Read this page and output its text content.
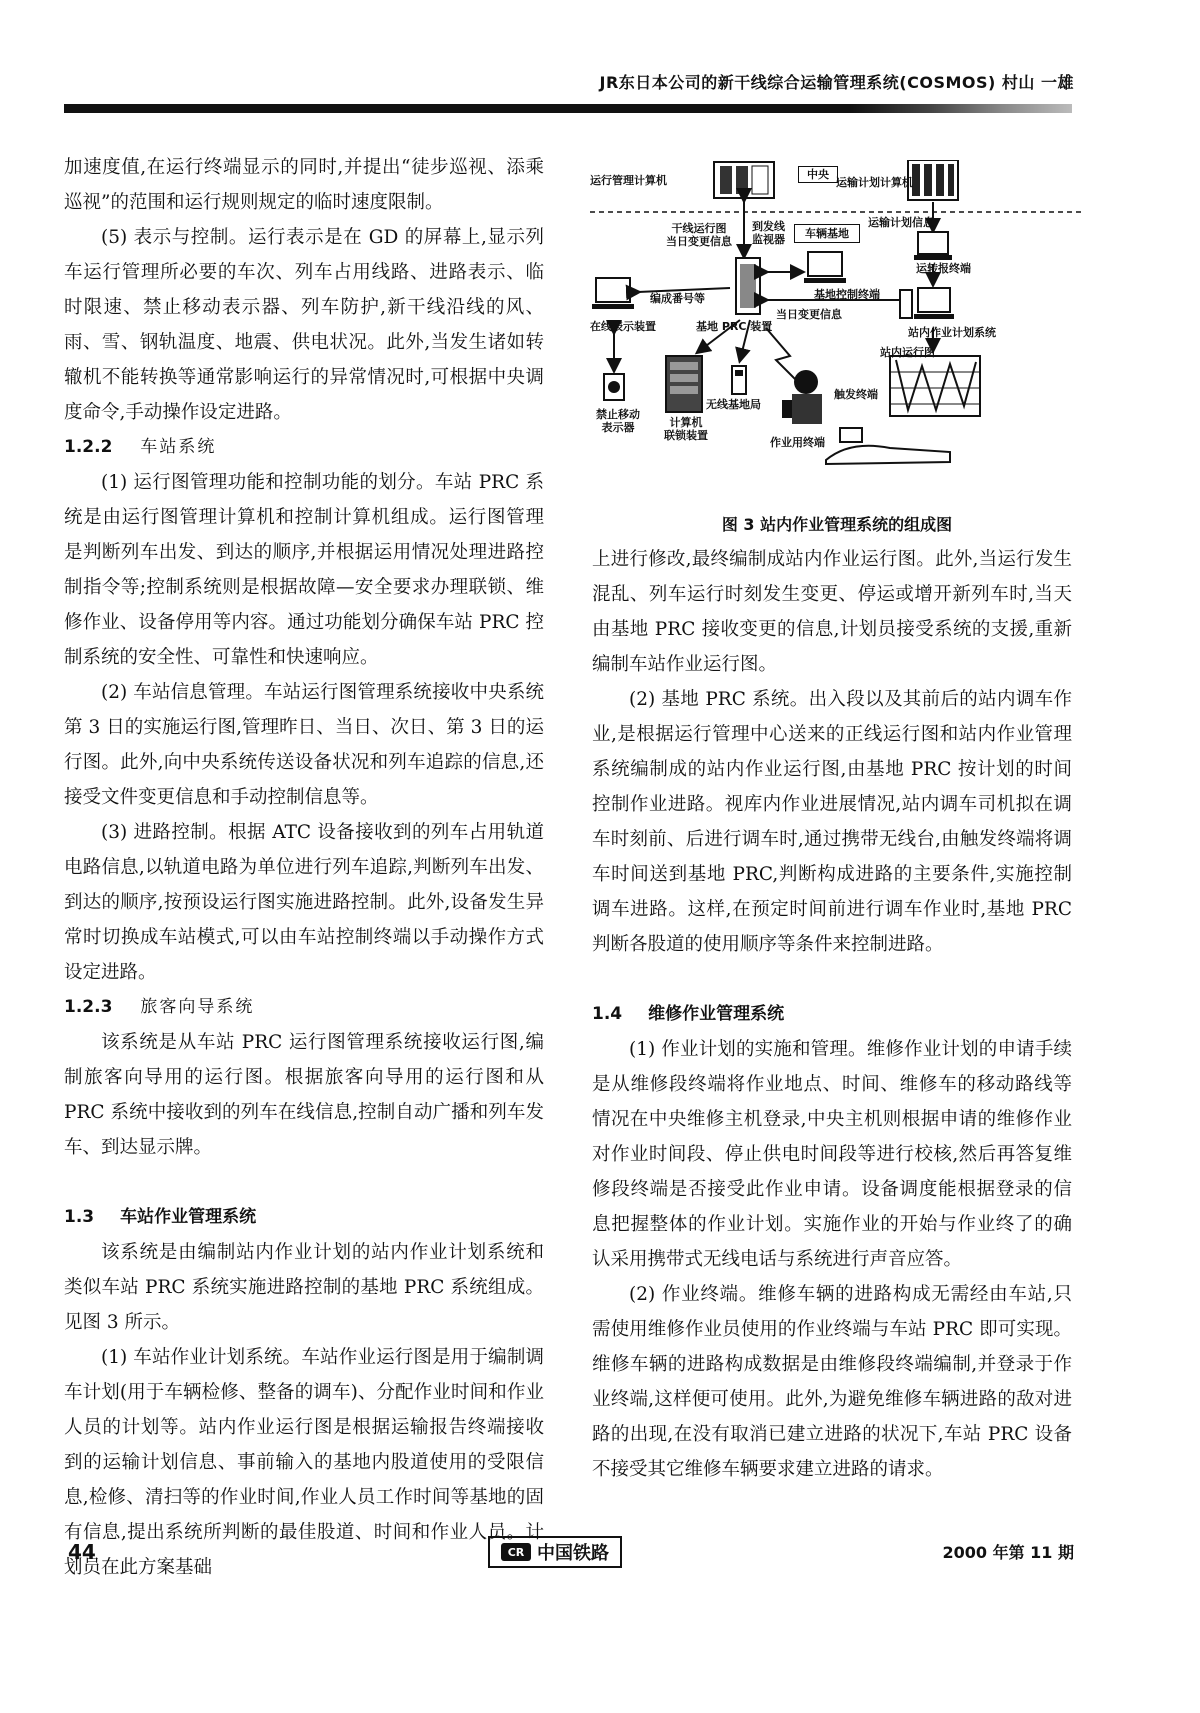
JR东日本公司的新干线综合运输管理系统(COSMOS) 村山 一雄

加速度值,在运行终端显示的同时,并提出“徒步巡视、添乘巡视”的范围和运行规则规定的临时速度限制。

(5) 表示与控制。运行表示是在 GD 的屏幕上,显示列车运行管理所必要的车次、列车占用线路、进路表示、临时限速、禁止移动表示器、列车防护,新干线沿线的风、雨、雪、钢轨温度、地震、供电状况。此外,当发生诸如转辙机不能转换等通常影响运行的异常情况时,可根据中央调度命令,手动操作设定进路。

1.2.2 车站系统

(1) 运行图管理功能和控制功能的划分。车站 PRC 系统是由运行图管理计算机和控制计算机组成。运行图管理是判断列车出发、到达的顺序,并根据运用情况处理进路控制指令等;控制系统则是根据故障—安全要求办理联锁、维修作业、设备停用等内容。通过功能划分确保车站 PRC 控制系统的安全性、可靠性和快速响应。

(2) 车站信息管理。车站运行图管理系统接收中央系统第 3 日的实施运行图,管理昨日、当日、次日、第 3 日的运行图。此外,向中央系统传送设备状况和列车追踪的信息,还接受文件变更信息和手动控制信息等。

(3) 进路控制。根据 ATC 设备接收到的列车占用轨道电路信息,以轨道电路为单位进行列车追踪,判断列车出发、到达的顺序,按预设运行图实施进路控制。此外,设备发生异常时切换成车站模式,可以由车站控制终端以手动操作方式设定进路。

1.2.3 旅客向导系统

该系统是从车站 PRC 运行图管理系统接收运行图,编制旅客向导用的运行图。根据旅客向导用的运行图和从 PRC 系统中接收到的列车在线信息,控制自动广播和列车发车、到达显示牌。

1.3 车站作业管理系统

该系统是由编制站内作业计划的站内作业计划系统和类似车站 PRC 系统实施进路控制的基地 PRC 系统组成。见图 3 所示。

(1) 车站作业计划系统。车站作业运行图是用于编制调车计划(用于车辆检修、整备的调车)、分配作业时间和作业人员的计划等。站内作业运行图是根据运输报告终端接收到的运输计划信息、事前输入的基地内股道使用的受限信息,检修、清扫等的作业时间,作业人员工作时间等基地的固有信息,提出系统所判断的最佳股道、时间和作业人员。计划员在此方案基础

运行管理计算机	中央
运输计划计算机
干线运行图
当日变更信息
到发线
监视器	车辆基地
运输计划信息
运转报终端
编成番号等	基地控制终端
当日变更信息
在线表示装置	基地 PRC 装置	站内作业计划系统
站内运行图
触发终端
禁止移动
表示器	计算机
联锁装置
无线基地局
作业用终端
图 3 站内作业管理系统的组成图

上进行修改,最终编制成站内作业运行图。此外,当运行发生混乱、列车运行时刻发生变更、停运或增开新列车时,当天由基地 PRC 接收变更的信息,计划员接受系统的支援,重新编制车站作业运行图。

(2) 基地 PRC 系统。出入段以及其前后的站内调车作业,是根据运行管理中心送来的正线运行图和站内作业管理系统编制成的站内作业运行图,由基地 PRC 按计划的时间控制作业进路。视库内作业进展情况,站内调车司机拟在调车时刻前、后进行调车时,通过携带无线台,由触发终端将调车时间送到基地 PRC,判断构成进路的主要条件,实施控制调车进路。这样,在预定时间前进行调车作业时,基地 PRC 判断各股道的使用顺序等条件来控制进路。

1.4 维修作业管理系统

(1) 作业计划的实施和管理。维修作业计划的申请手续是从维修段终端将作业地点、时间、维修车的移动路线等情况在中央维修主机登录,中央主机则根据申请的维修作业对作业时间段、停止供电时间段等进行校核,然后再答复维修段终端是否接受此作业申请。设备调度能根据登录的信息把握整体的作业计划。实施作业的开始与作业终了的确认采用携带式无线电话与系统进行声音应答。

(2) 作业终端。维修车辆的进路构成无需经由车站,只需使用维修作业员使用的作业终端与车站 PRC 即可实现。维修车辆的进路构成数据是由维修段终端编制,并登录于作业终端,这样便可使用。此外,为避免维修车辆进路的敌对进路的出现,在没有取消已建立进路的状况下,车站 PRC 设备不接受其它维修车辆要求建立进路的请求。

44	CR 中国铁路	2000 年第 11 期
